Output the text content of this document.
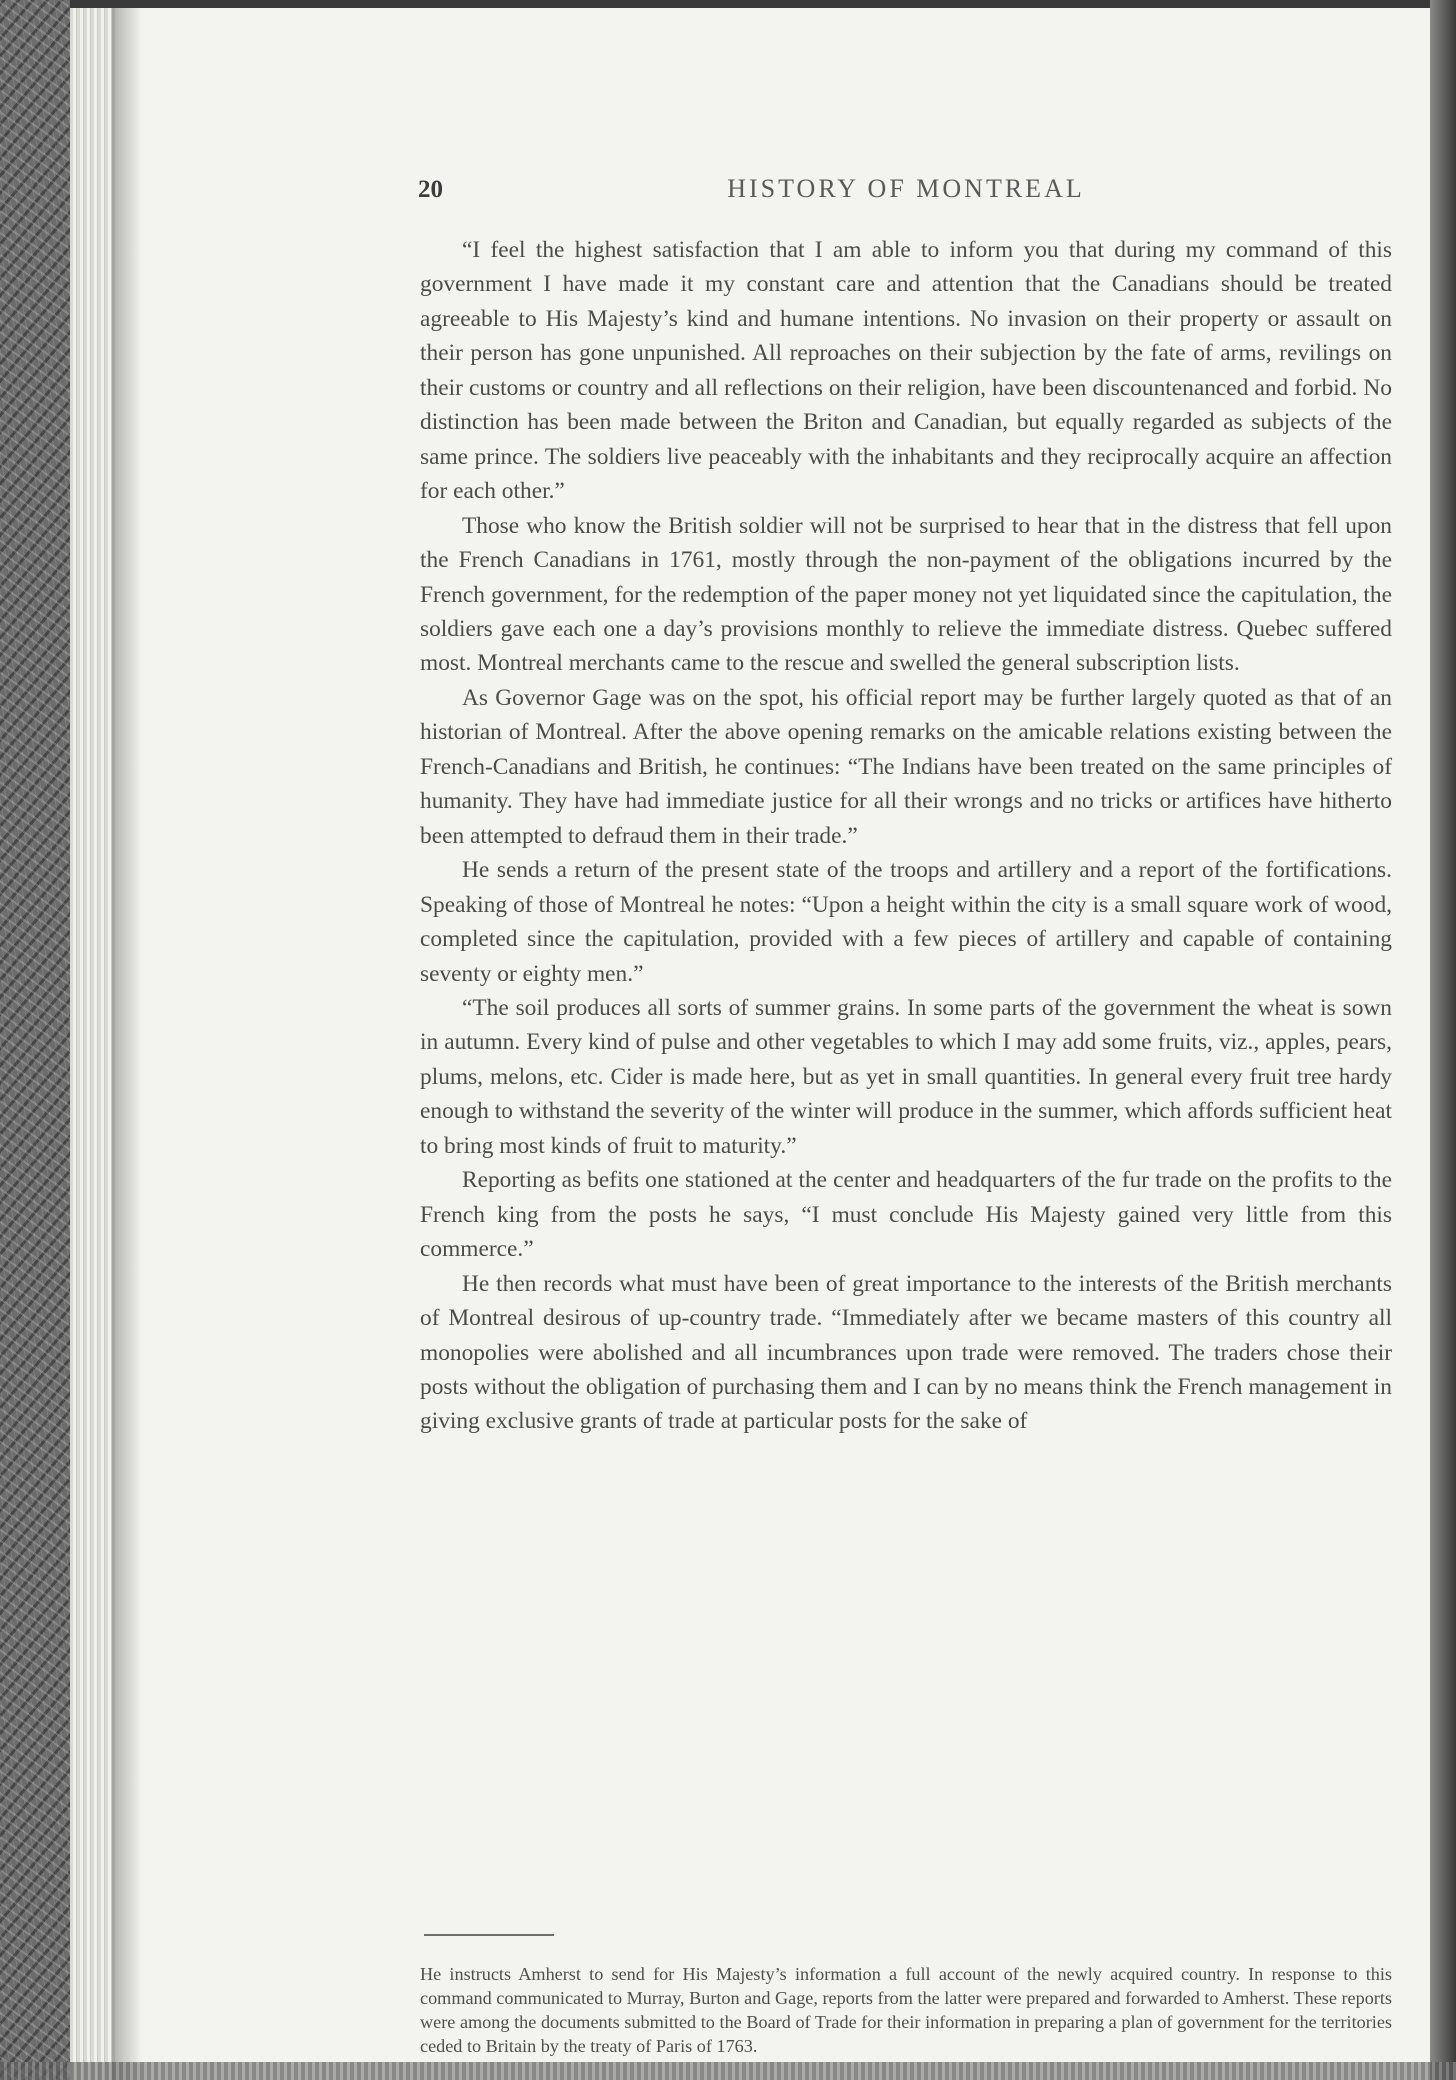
20	HISTORY OF MONTREAL

“I feel the highest satisfaction that I am able to inform you that during my command of this government I have made it my constant care and attention that the Canadians should be treated agreeable to His Majesty’s kind and humane intentions. No invasion on their property or assault on their person has gone unpunished. All reproaches on their subjection by the fate of arms, revilings on their customs or country and all reflections on their religion, have been discountenanced and forbid. No distinction has been made between the Briton and Canadian, but equally regarded as subjects of the same prince. The soldiers live peaceably with the inhabitants and they reciprocally acquire an affection for each other.”

Those who know the British soldier will not be surprised to hear that in the distress that fell upon the French Canadians in 1761, mostly through the non-payment of the obligations incurred by the French government, for the redemption of the paper money not yet liquidated since the capitulation, the soldiers gave each one a day’s provisions monthly to relieve the immediate distress. Quebec suffered most. Montreal merchants came to the rescue and swelled the general subscription lists.

As Governor Gage was on the spot, his official report may be further largely quoted as that of an historian of Montreal. After the above opening remarks on the amicable relations existing between the French-Canadians and British, he continues: “The Indians have been treated on the same principles of humanity. They have had immediate justice for all their wrongs and no tricks or artifices have hitherto been attempted to defraud them in their trade.”

He sends a return of the present state of the troops and artillery and a report of the fortifications. Speaking of those of Montreal he notes: “Upon a height within the city is a small square work of wood, completed since the capitulation, provided with a few pieces of artillery and capable of containing seventy or eighty men.”

“The soil produces all sorts of summer grains. In some parts of the government the wheat is sown in autumn. Every kind of pulse and other vegetables to which I may add some fruits, viz., apples, pears, plums, melons, etc. Cider is made here, but as yet in small quantities. In general every fruit tree hardy enough to withstand the severity of the winter will produce in the summer, which affords sufficient heat to bring most kinds of fruit to maturity.”

Reporting as befits one stationed at the center and headquarters of the fur trade on the profits to the French king from the posts he says, “I must conclude His Majesty gained very little from this commerce.”

He then records what must have been of great importance to the interests of the British merchants of Montreal desirous of up-country trade. “Immediately after we became masters of this country all monopolies were abolished and all incumbrances upon trade were removed. The traders chose their posts without the obligation of purchasing them and I can by no means think the French management in giving exclusive grants of trade at particular posts for the sake of

He instructs Amherst to send for His Majesty’s information a full account of the newly acquired country. In response to this command communicated to Murray, Burton and Gage, reports from the latter were prepared and forwarded to Amherst. These reports were among the documents submitted to the Board of Trade for their information in preparing a plan of government for the territories ceded to Britain by the treaty of Paris of 1763.
